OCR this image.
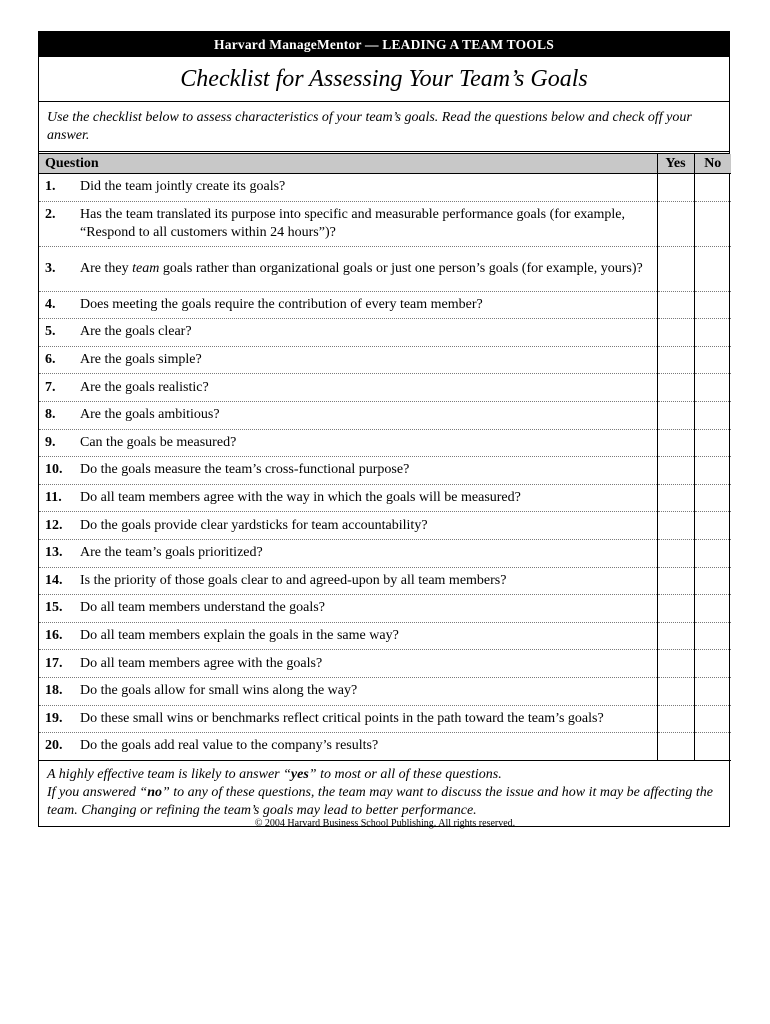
Harvard ManageMentor — LEADING A TEAM TOOLS
Checklist for Assessing Your Team’s Goals
Use the checklist below to assess characteristics of your team’s goals. Read the questions below and check off your answer.
Question	Yes	No

1. Did the team jointly create its goals?		

2. Has the team translated its purpose into specific and measurable performance goals (for example, “Respond to all customers within 24 hours”)?		

3. Are they team goals rather than organizational goals or just one person’s goals (for example, yours)?		

4. Does meeting the goals require the contribution of every team member?		

5. Are the goals clear?		

6. Are the goals simple?		

7. Are the goals realistic?		

8. Are the goals ambitious?		

9. Can the goals be measured?		

10. Do the goals measure the team’s cross-functional purpose?		

11. Do all team members agree with the way in which the goals will be measured?		

12. Do the goals provide clear yardsticks for team accountability?		

13. Are the team’s goals prioritized?		

14. Is the priority of those goals clear to and agreed-upon by all team members?		

15. Do all team members understand the goals?		

16. Do all team members explain the goals in the same way?		

17. Do all team members agree with the goals?		

18. Do the goals allow for small wins along the way?		

19. Do these small wins or benchmarks reflect critical points in the path toward the team’s goals?		

20. Do the goals add real value to the company’s results?		

A highly effective team is likely to answer “yes” to most or all of these questions.
If you answered “no” to any of these questions, the team may want to discuss the issue and how it may be affecting the team. Changing or refining the team’s goals may lead to better performance.
© 2004 Harvard Business School Publishing. All rights reserved.
